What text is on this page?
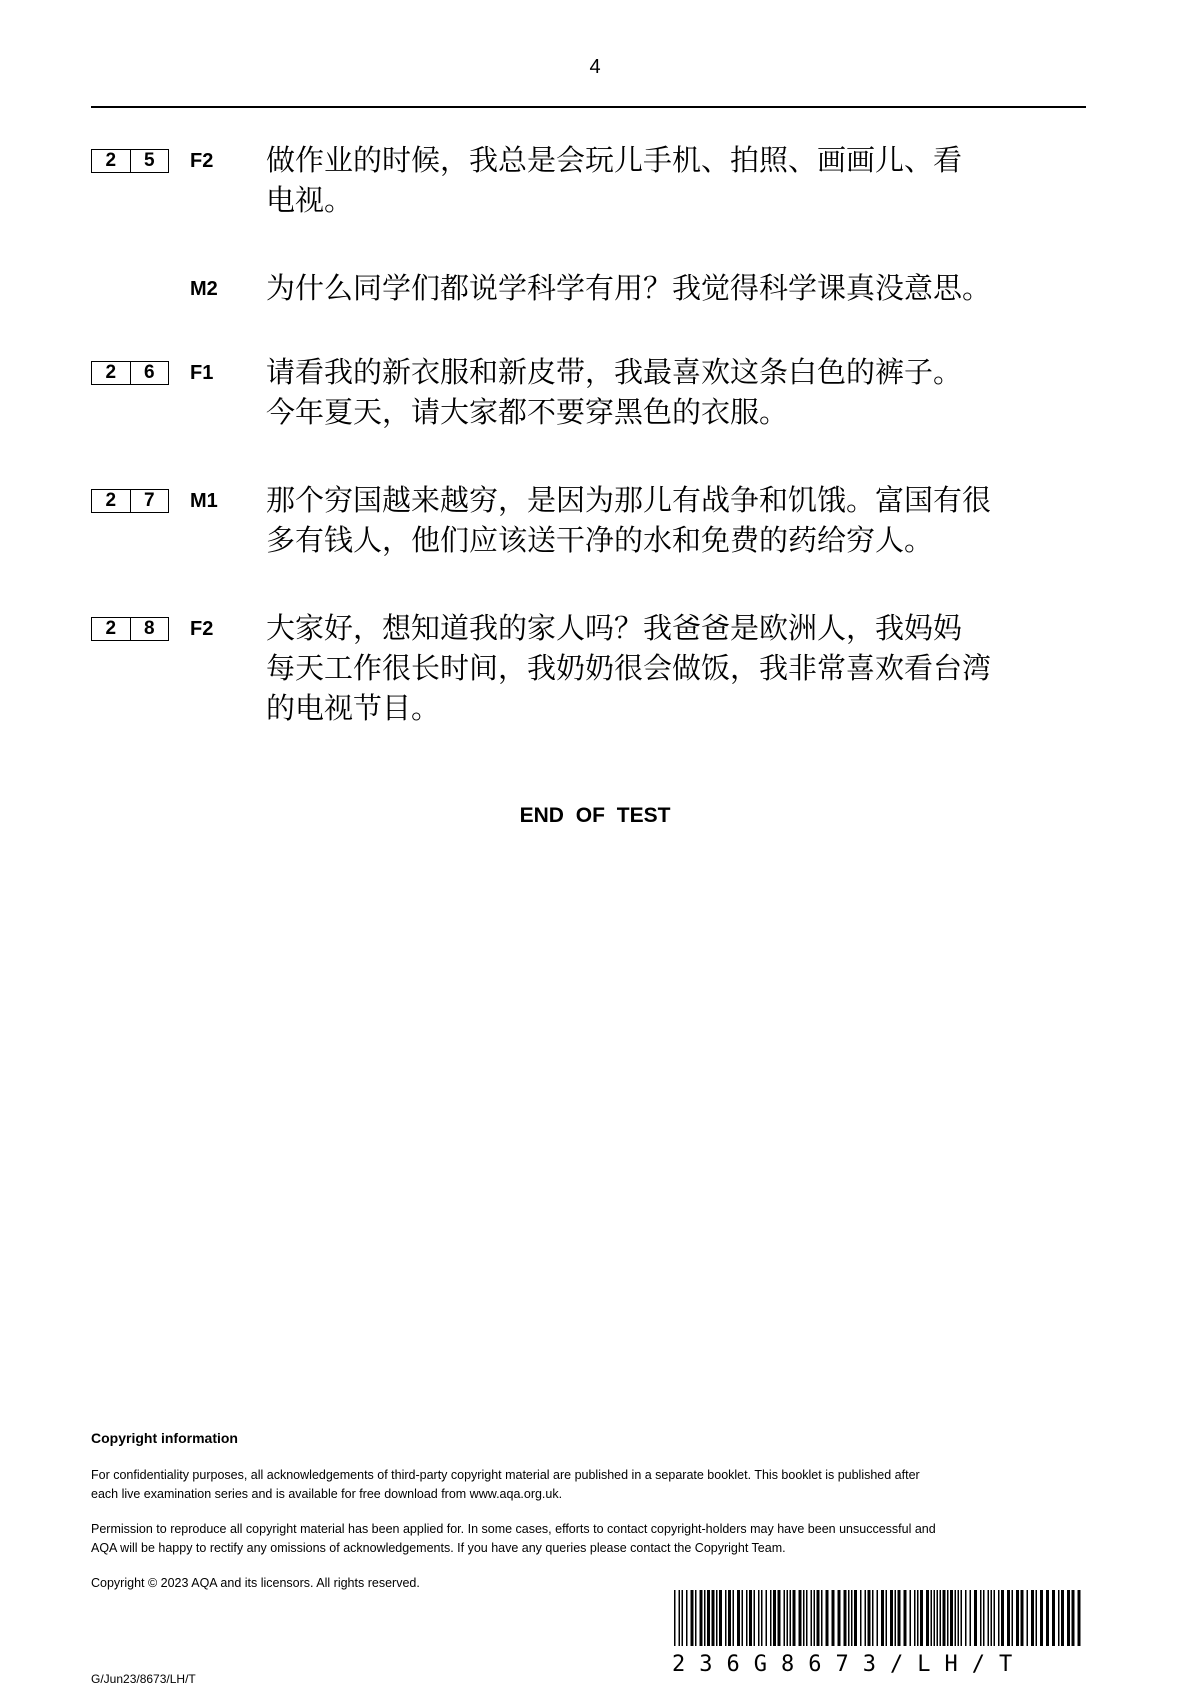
4
2	5	F2 做作业的时候，我总是会玩儿手机、拍照、画画儿、看
电视。
M2 为什么同学们都说学科学有用？我觉得科学课真没意思。
2	6	F1 请看我的新衣服和新皮带，我最喜欢这条白色的裤子。
今年夏天，请大家都不要穿黑色的衣服。
2	7	M1 那个穷国越来越穷，是因为那儿有战争和饥饿。富国有很
多有钱人，他们应该送干净的水和免费的药给穷人。
2	8	F2 大家好，想知道我的家人吗？我爸爸是欧洲人，我妈妈
每天工作很长时间，我奶奶很会做饭，我非常喜欢看台湾
的电视节目。
END OF TEST
Copyright information
For confidentiality purposes, all acknowledgements of third-party copyright material are published in a separate booklet. This booklet is published after
each live examination series and is available for free download from www.aqa.org.uk.
Permission to reproduce all copyright material has been applied for. In some cases, efforts to contact copyright-holders may have been unsuccessful and
AQA will be happy to rectify any omissions of acknowledgements. If you have any queries please contact the Copyright Team.
Copyright © 2023 AQA and its licensors. All rights reserved.
236G8673/LH/T
G/Jun23/8673/LH/T
